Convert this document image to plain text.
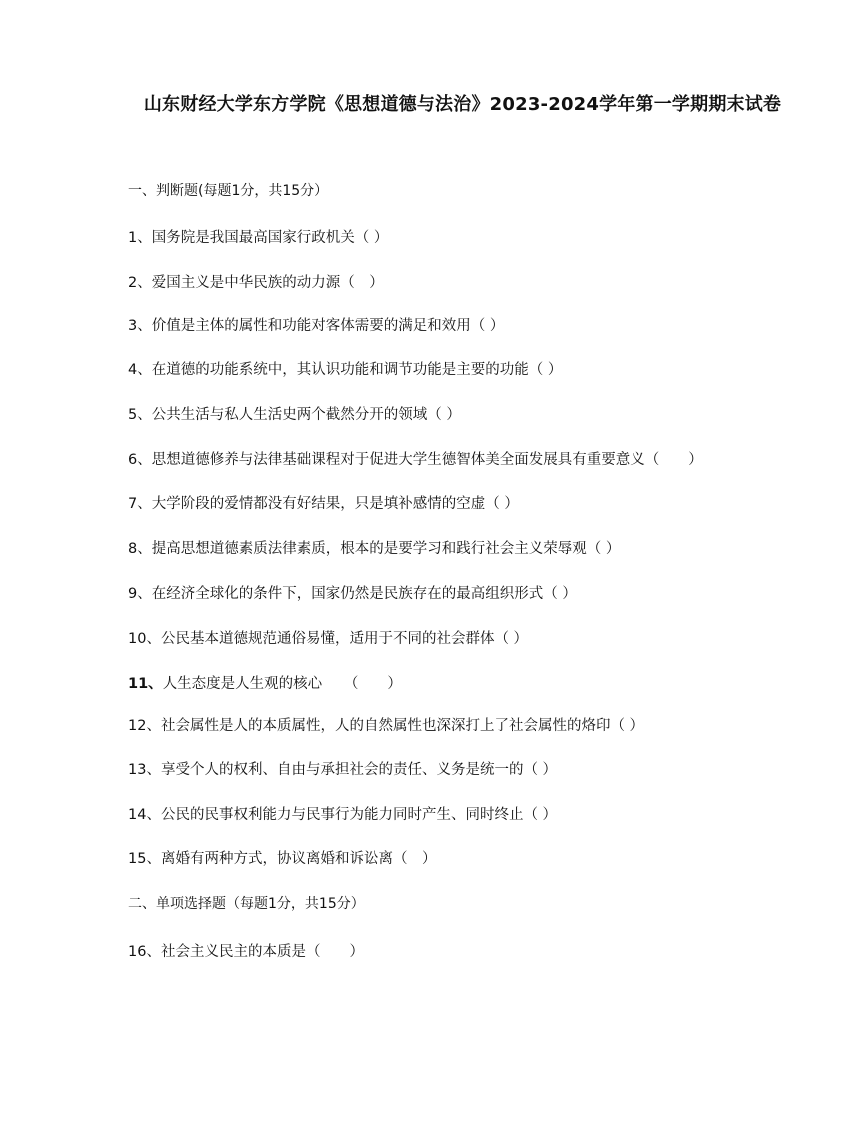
山东财经大学东方学院《思想道德与法治》2023-2024学年第一学期期末试卷
一、判断题(每题1分，共15分）
1、国务院是我国最高国家行政机关（ ）
2、爱国主义是中华民族的动力源（　）
3、价值是主体的属性和功能对客体需要的满足和效用（ ）
4、在道德的功能系统中，其认识功能和调节功能是主要的功能（ ）
5、公共生活与私人生活史两个截然分开的领域（ ）
6、思想道德修养与法律基础课程对于促进大学生德智体美全面发展具有重要意义（　　）
7、大学阶段的爱情都没有好结果，只是填补感情的空虚（ ）
8、提高思想道德素质法律素质，根本的是要学习和践行社会主义荣辱观（ ）
9、在经济全球化的条件下，国家仍然是民族存在的最高组织形式（ ）
10、公民基本道德规范通俗易懂，适用于不同的社会群体（ ）
11、人生态度是人生观的核心　　（　　）
12、社会属性是人的本质属性，人的自然属性也深深打上了社会属性的烙印（ ）
13、享受个人的权利、自由与承担社会的责任、义务是统一的（ ）
14、公民的民事权利能力与民事行为能力同时产生、同时终止（ ）
15、离婚有两种方式，协议离婚和诉讼离（　）
二、单项选择题（每题1分，共15分）
16、社会主义民主的本质是（　　）
